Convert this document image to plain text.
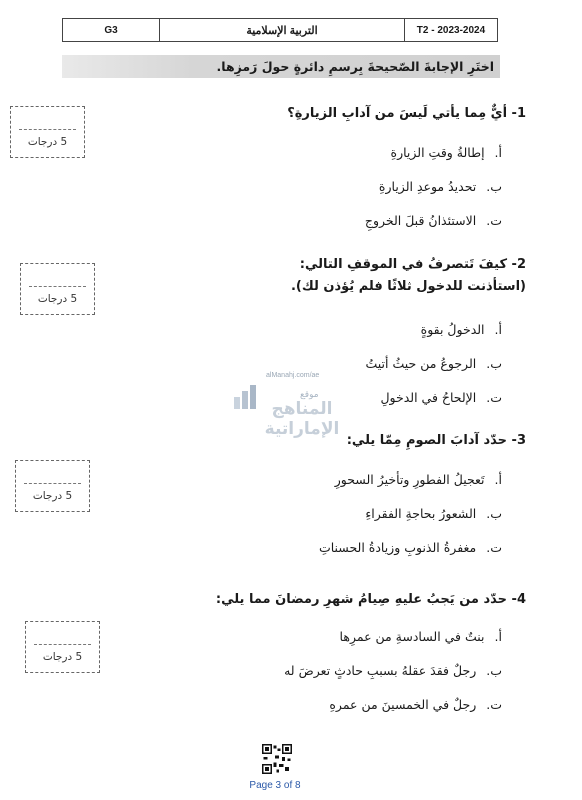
G3	التربية الإسلامية	T2 - 2023-2024
اختَرِ الإجابةَ الصّحيحةَ بِرسمِ دائرةٍ حولَ رَمزِها.
1- أيٌّ مِما يأتي لَيسَ من آدابِ الزيارةِ؟
أ.
إطالةُ وقتِ الزيارةِ
ب.
تحديدُ موعدِ الزيارةِ
ت.
الاستئذانُ قبلَ الخروجِ
5 درجات
2- كيفَ تَتصرفُ في الموقفِ التالي:
(استأذنت للدخول ثلاثًا فلم يُؤذن لك).
أ.
الدخولُ بقوةٍ
ب.
الرجوعُ من حيثُ أتيتُ
ت.
الإلحاحُ في الدخولِ
5 درجات
alManahj.com/ae
موقع
المناهج الإماراتية
3- حدّد آدابَ الصومِ مِمّا يلي:
أ.
تَعجيلُ الفطورِ وتأخيرُ السحورِ
ب.
الشعورُ بحاجةِ الفقراءِ
ت.
مغفرةُ الذنوبِ وزيادةُ الحسناتِ
5 درجات
4- حدّد من يَجبُ عليهِ صِيامُ شهرِ رمضانَ مما يلي:
أ.
بنتٌ في السادسةِ من عمرِها
ب.
رجلٌ فقدَ عقلهُ بسببِ حادثٍ تعرضَ له
ت.
رجلٌ في الخمسينَ من عمرهِ
5 درجات
Page 3 of 8
